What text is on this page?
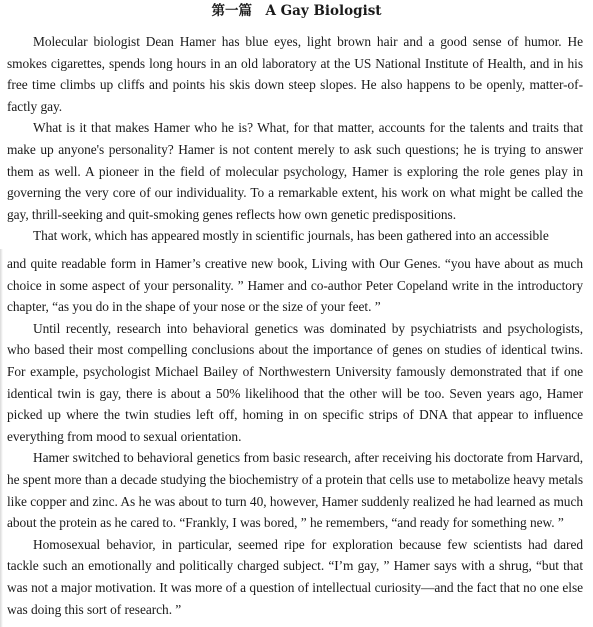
第一篇　A Gay Biologist

Molecular biologist Dean Hamer has blue eyes, light brown hair and a good sense of humor. He smokes cigarettes, spends long hours in an old laboratory at the US National Institute of Health, and in his free time climbs up cliffs and points his skis down steep slopes. He also happens to be openly, matter-of-factly gay.

What is it that makes Hamer who he is? What, for that matter, accounts for the talents and traits that make up anyone's personality? Hamer is not content merely to ask such questions; he is trying to answer them as well. A pioneer in the field of molecular psychology, Hamer is exploring the role genes play in governing the very core of our individuality. To a remarkable extent, his work on what might be called the gay, thrill-seeking and quit-smoking genes reflects how own genetic predispositions.

That work, which has appeared mostly in scientific journals, has been gathered into an accessible

and quite readable form in Hamer’s creative new book, Living with Our Genes. “you have about as much choice in some aspect of your personality. ” Hamer and co-author Peter Copeland write in the introductory chapter, “as you do in the shape of your nose or the size of your feet. ”

Until recently, research into behavioral genetics was dominated by psychiatrists and psychologists, who based their most compelling conclusions about the importance of genes on studies of identical twins. For example, psychologist Michael Bailey of Northwestern University famously demonstrated that if one identical twin is gay, there is about a 50% likelihood that the other will be too. Seven years ago, Hamer picked up where the twin studies left off, homing in on specific strips of DNA that appear to influence everything from mood to sexual orientation.

Hamer switched to behavioral genetics from basic research, after receiving his doctorate from Harvard, he spent more than a decade studying the biochemistry of a protein that cells use to metabolize heavy metals like copper and zinc. As he was about to turn 40, however, Hamer suddenly realized he had learned as much about the protein as he cared to. “Frankly, I was bored, ” he remembers, “and ready for something new. ”

Homosexual behavior, in particular, seemed ripe for exploration because few scientists had dared tackle such an emotionally and politically charged subject. “I’m gay, ” Hamer says with a shrug, “but that was not a major motivation. It was more of a question of intellectual curiosity—and the fact that no one else was doing this sort of research. ”
